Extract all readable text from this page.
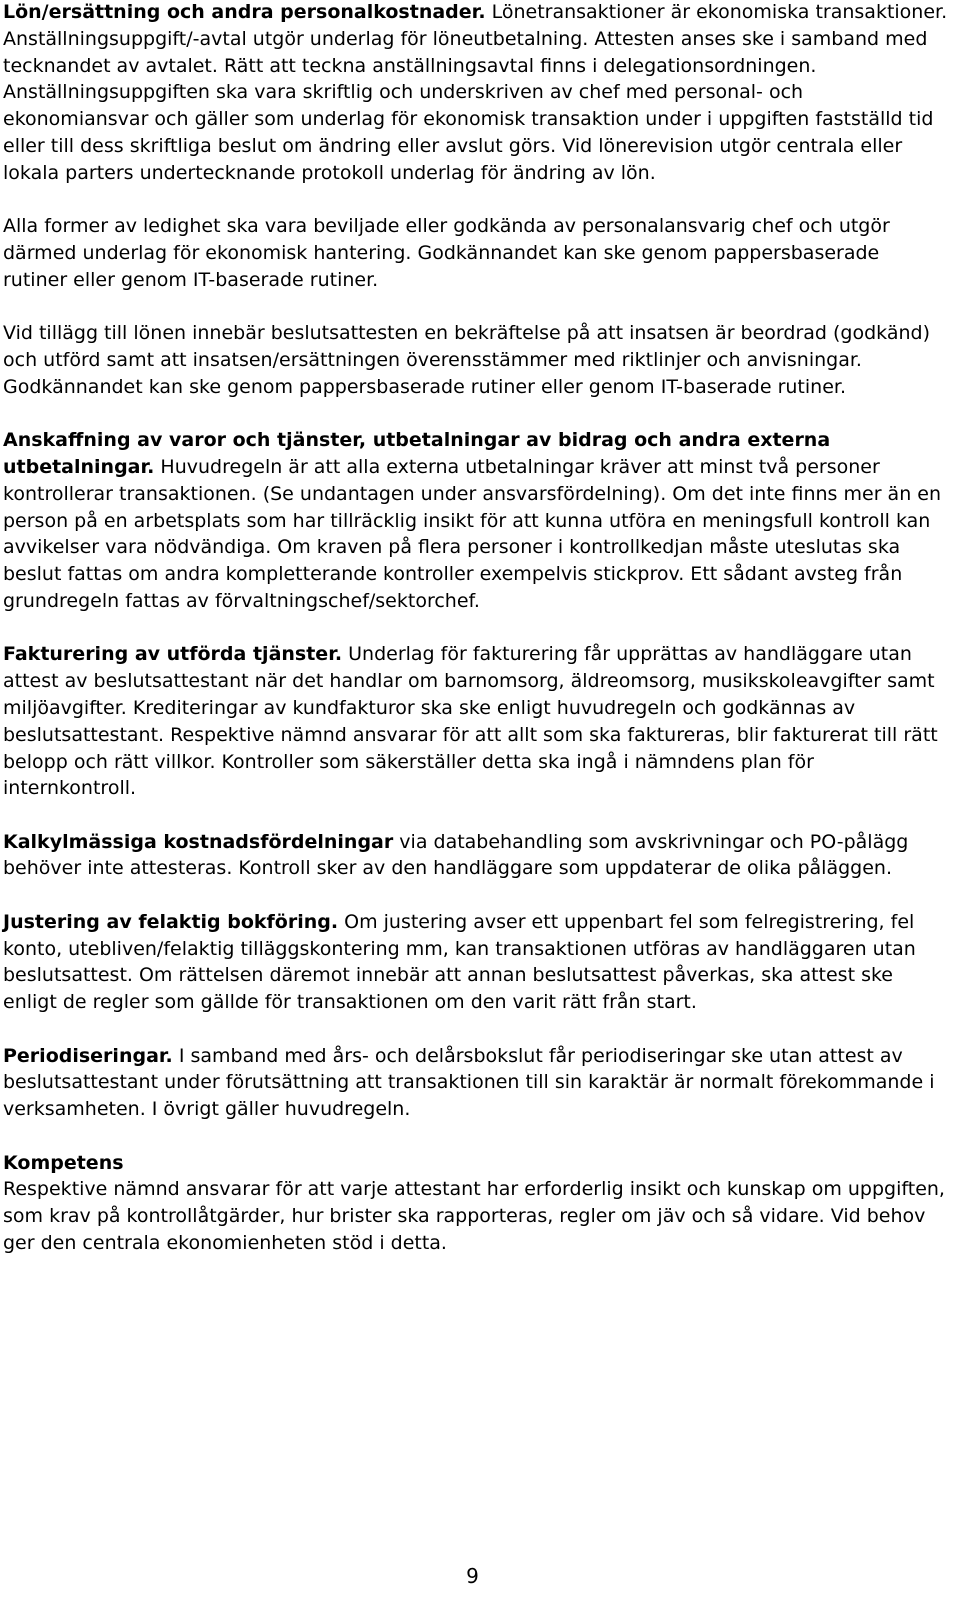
Lön/ersättning och andra personalkostnader. Lönetransaktioner är ekonomiska transaktioner. Anställningsuppgift/-avtal utgör underlag för löneutbetalning. Attesten anses ske i samband med tecknandet av avtalet. Rätt att teckna anställningsavtal finns i delegationsordningen. Anställningsuppgiften ska vara skriftlig och underskriven av chef med personal- och ekonomiansvar och gäller som underlag för ekonomisk transaktion under i uppgiften fastställd tid eller till dess skriftliga beslut om ändring eller avslut görs. Vid lönerevision utgör centrala eller lokala parters undertecknande protokoll underlag för ändring av lön.

Alla former av ledighet ska vara beviljade eller godkända av personalansvarig chef och utgör därmed underlag för ekonomisk hantering. Godkännandet kan ske genom pappersbaserade rutiner eller genom IT-baserade rutiner.

Vid tillägg till lönen innebär beslutsattesten en bekräftelse på att insatsen är beordrad (godkänd) och utförd samt att insatsen/ersättningen överensstämmer med riktlinjer och anvisningar. Godkännandet kan ske genom pappersbaserade rutiner eller genom IT-baserade rutiner.

Anskaffning av varor och tjänster, utbetalningar av bidrag och andra externa utbetalningar. Huvudregeln är att alla externa utbetalningar kräver att minst två personer kontrollerar transaktionen. (Se undantagen under ansvarsfördelning). Om det inte finns mer än en person på en arbetsplats som har tillräcklig insikt för att kunna utföra en meningsfull kontroll kan avvikelser vara nödvändiga. Om kraven på flera personer i kontrollkedjan måste uteslutas ska beslut fattas om andra kompletterande kontroller exempelvis stickprov. Ett sådant avsteg från grundregeln fattas av förvaltningschef/sektorchef.

Fakturering av utförda tjänster. Underlag för fakturering får upprättas av handläggare utan attest av beslutsattestant när det handlar om barnomsorg, äldreomsorg, musikskoleavgifter samt miljöavgifter. Krediteringar av kundfakturor ska ske enligt huvudregeln och godkännas av beslutsattestant. Respektive nämnd ansvarar för att allt som ska faktureras, blir fakturerat till rätt belopp och rätt villkor. Kontroller som säkerställer detta ska ingå i nämndens plan för internkontroll.

Kalkylmässiga kostnadsfördelningar via databehandling som avskrivningar och PO-pålägg behöver inte attesteras. Kontroll sker av den handläggare som uppdaterar de olika påläggen.

Justering av felaktig bokföring. Om justering avser ett uppenbart fel som felregistrering, fel konto, utebliven/felaktig tilläggskontering mm, kan transaktionen utföras av handläggaren utan beslutsattest. Om rättelsen däremot innebär att annan beslutsattest påverkas, ska attest ske enligt de regler som gällde för transaktionen om den varit rätt från start.

Periodiseringar. I samband med års- och delårsbokslut får periodiseringar ske utan attest av beslutsattestant under förutsättning att transaktionen till sin karaktär är normalt förekommande i verksamheten. I övrigt gäller huvudregeln.

Kompetens
Respektive nämnd ansvarar för att varje attestant har erforderlig insikt och kunskap om uppgiften, som krav på kontrollåtgärder, hur brister ska rapporteras, regler om jäv och så vidare. Vid behov ger den centrala ekonomienheten stöd i detta.

9
